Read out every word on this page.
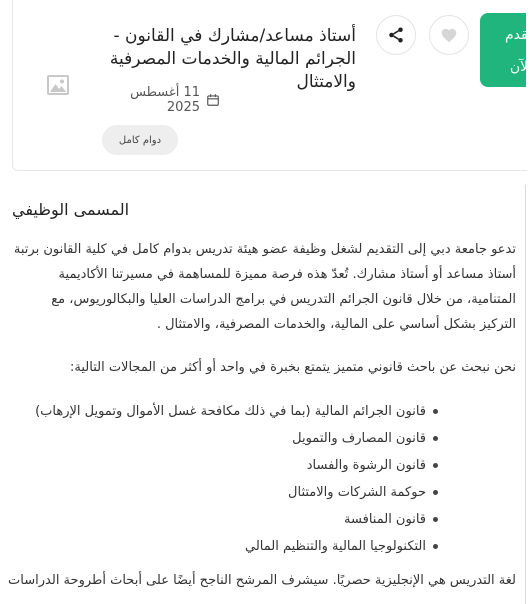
تقدم
الآن
أستاذ مساعد/مشارك في القانون - الجرائم المالية والخدمات المصرفية والامتثال
11 أغسطس 2025
دوام كامل
المسمى الوظيفي

تدعو جامعة دبي إلى التقديم لشغل وظيفة عضو هيئة تدريس بدوام كامل في كلية القانون برتبة أستاذ مساعد أو أستاذ مشارك. تُعدّ هذه فرصة مميزة للمساهمة في مسيرتنا الأكاديمية المتنامية، من خلال قانون الجرائم التدريس في برامج الدراسات العليا والبكالوريوس، مع التركيز بشكل أساسي على المالية، والخدمات المصرفية، والامتثال .

نحن نبحث عن باحث قانوني متميز يتمتع بخبرة في واحد أو أكثر من المجالات التالية:

قانون الجرائم المالية (بما في ذلك مكافحة غسل الأموال وتمويل الإرهاب)
قانون المصارف والتمويل
قانون الرشوة والفساد
حوكمة الشركات والامتثال
قانون المنافسة
التكنولوجيا المالية والتنظيم المالي
لغة التدريس هي الإنجليزية حصريًا. سيشرف المرشح الناجح أيضًا على أبحاث أطروحة الدراسات
